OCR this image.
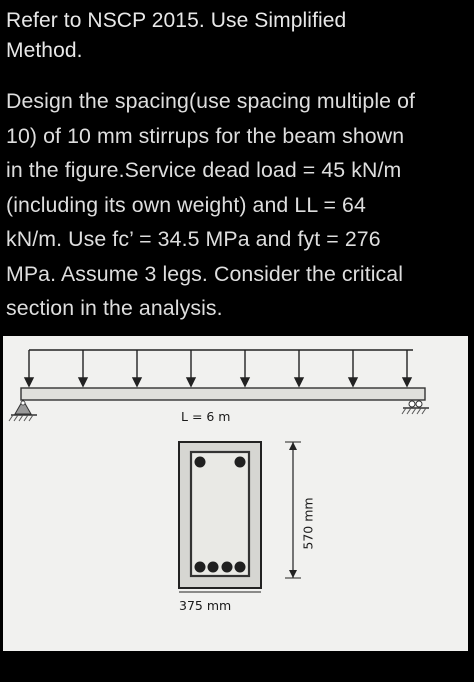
Refer to NSCP 2015. Use Simplified
Method.
Design the spacing(use spacing multiple of
10) of 10 mm stirrups for the beam shown
in the figure.Service dead load = 45 kN/m
(including its own weight) and LL = 64
kN/m. Use fc’ = 34.5 MPa and fyt = 276
MPa. Assume 3 legs. Consider the critical
section in the analysis.
L = 6 m
375 mm
570 mm
